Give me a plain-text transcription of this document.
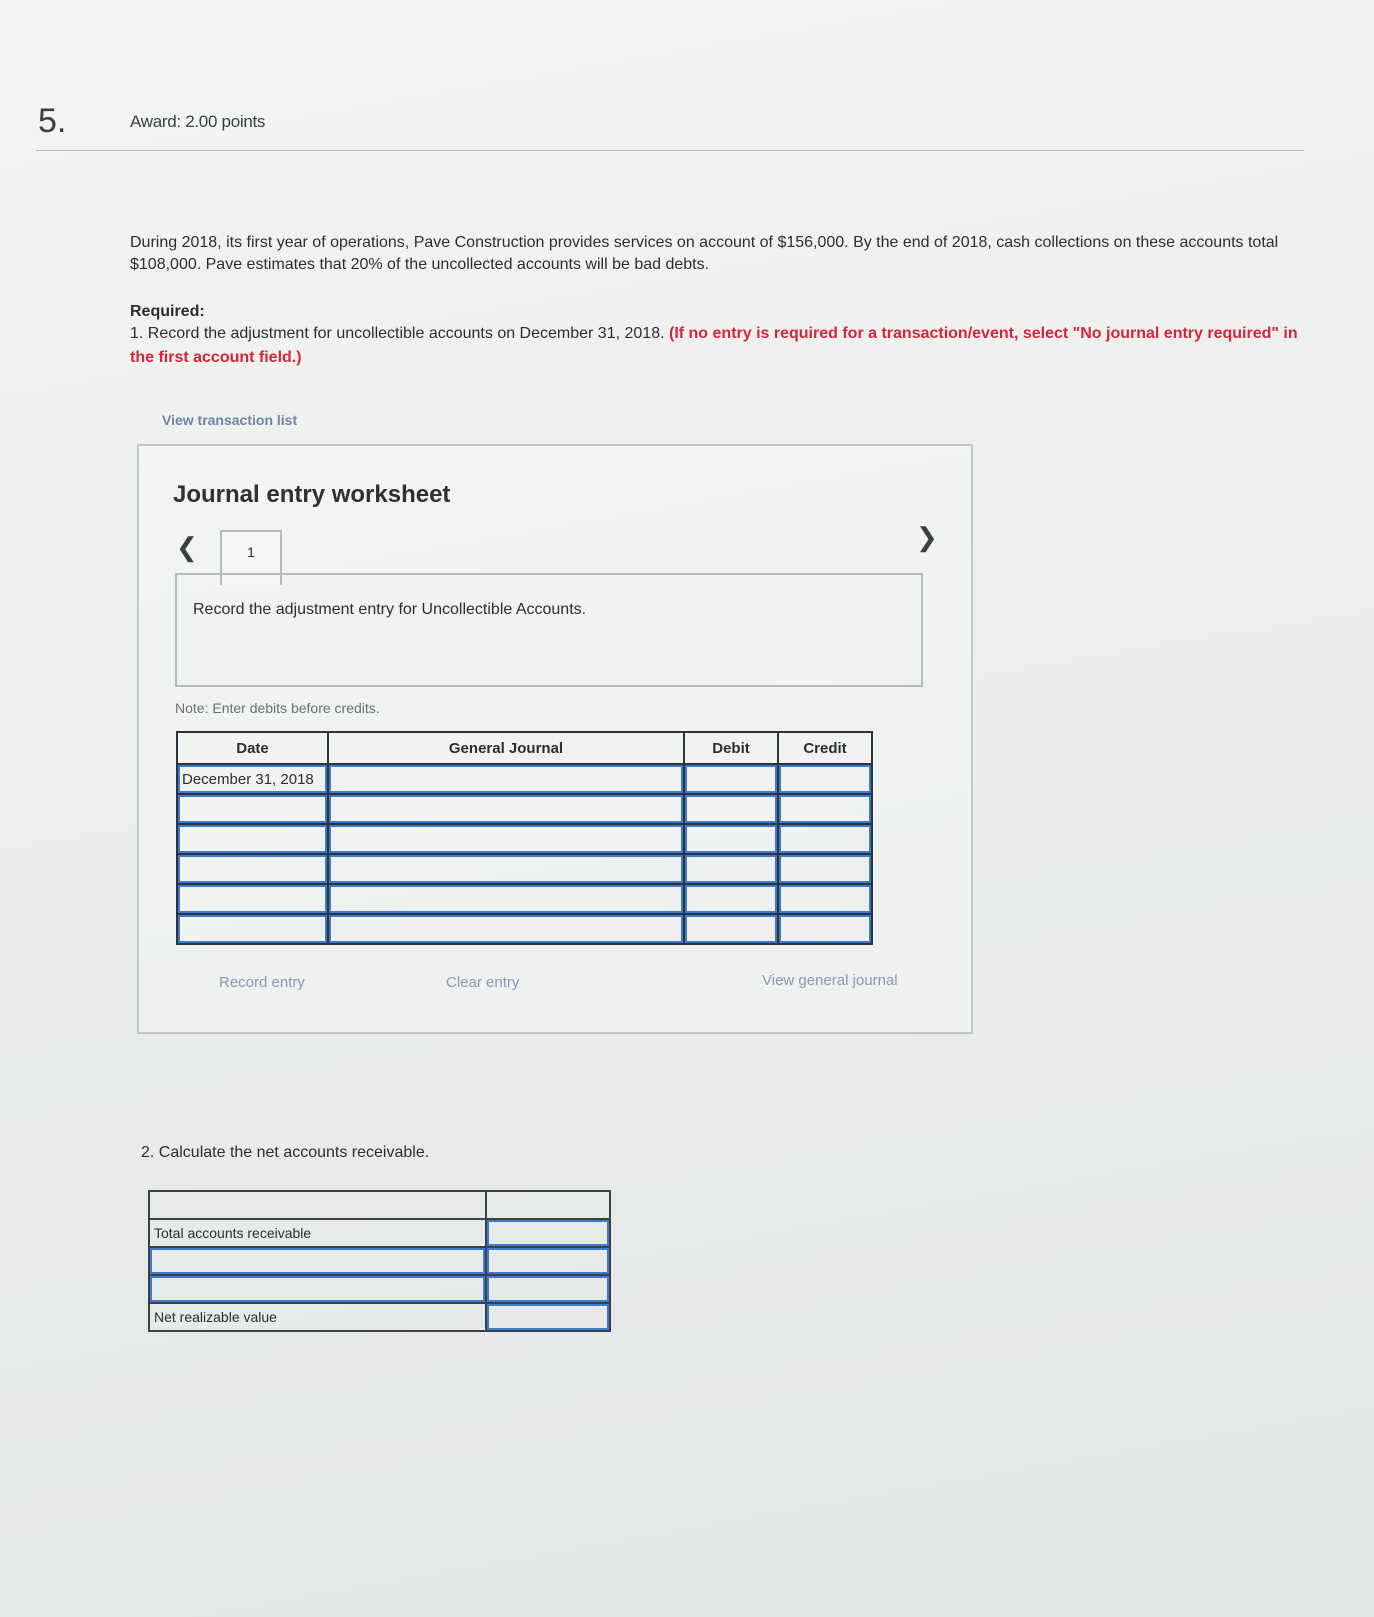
5.	Award: 2.00 points
During 2018, its first year of operations, Pave Construction provides services on account of $156,000. By the end of 2018, cash collections on these accounts total $108,000. Pave estimates that 20% of the uncollected accounts will be bad debts.
Required:
1. Record the adjustment for uncollectible accounts on December 31, 2018. (If no entry is required for a transaction/event, select "No journal entry required" in the first account field.)
View transaction list
Journal entry worksheet
❮	❯
1
Record the adjustment entry for Uncollectible Accounts.
Note: Enter debits before credits.
Date	General Journal	Debit	Credit
December 31, 2018			

Record entry	Clear entry	View general journal
2. Calculate the net accounts receivable.

Total accounts receivable	

Net realizable value	
